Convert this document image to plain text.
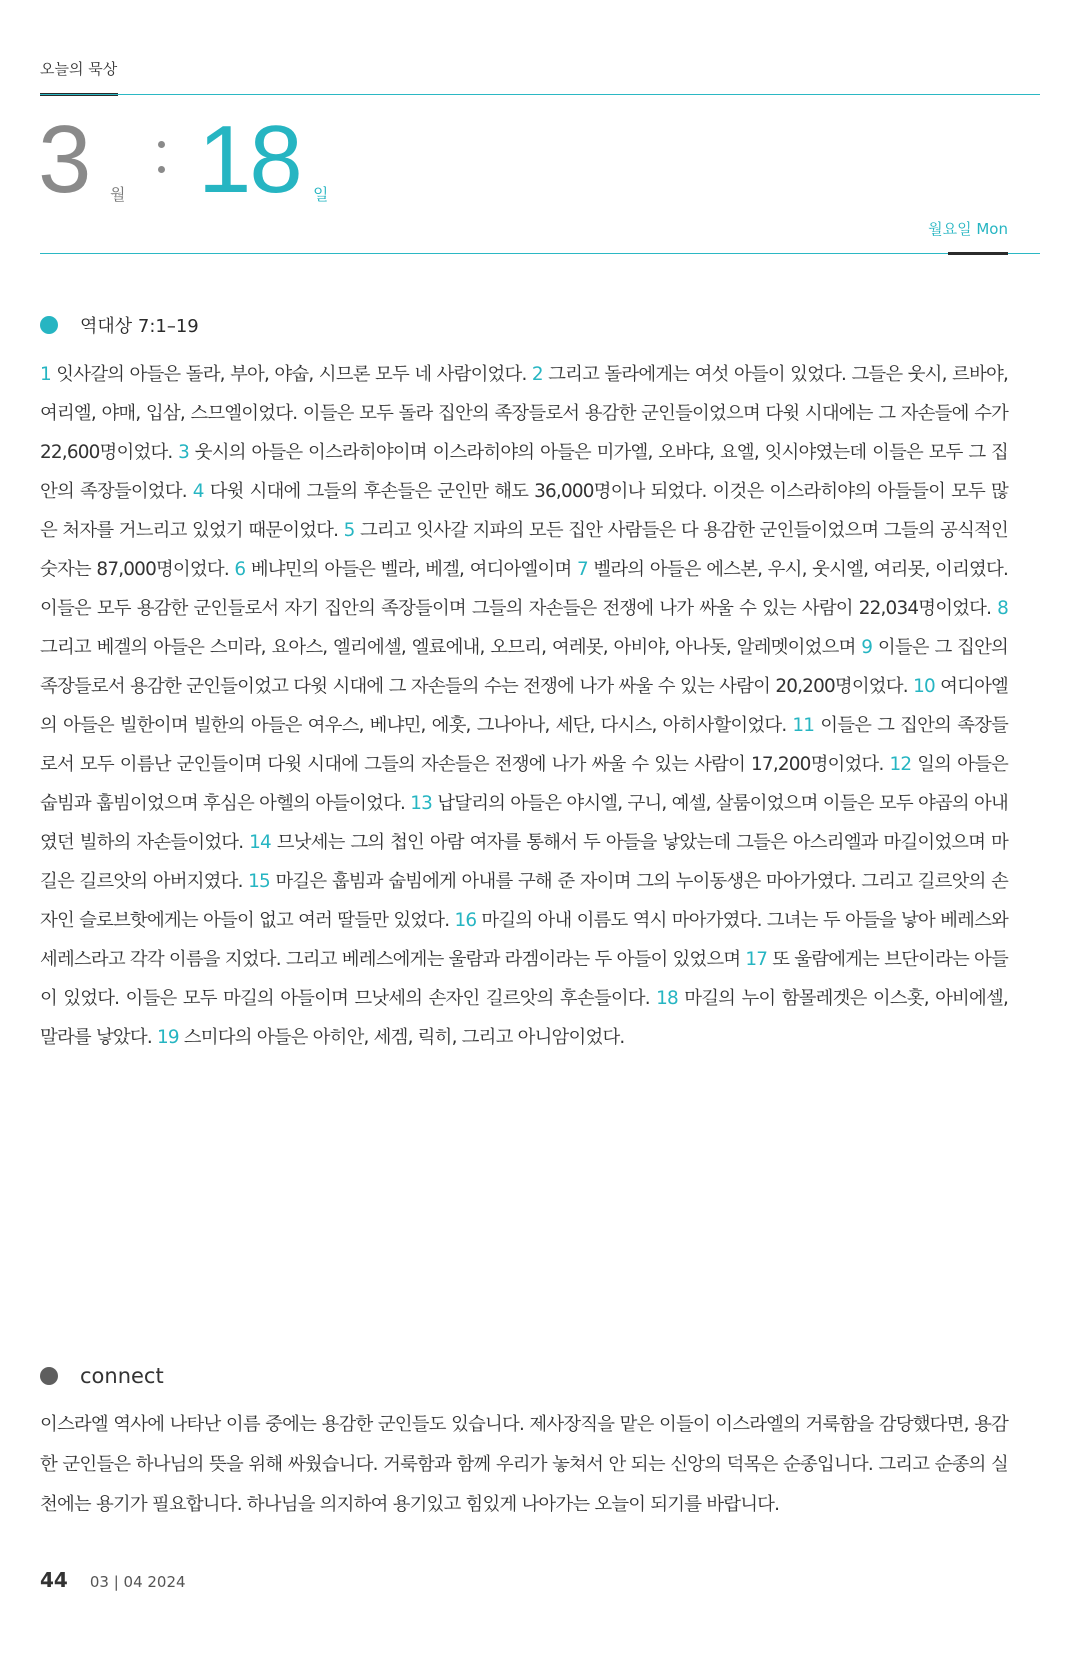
오늘의 묵상
3 월 18 일
월요일 Mon
역대상 7:1–19
1 잇사갈의 아들은 돌라, 부아, 야숩, 시므론 모두 네 사람이었다. 2 그리고 돌라에게는 여섯 아들이 있었다. 그들은 웃시, 르바야, 여리엘, 야매, 입삼, 스므엘이었다. 이들은 모두 돌라 집안의 족장들로서 용감한 군인들이었으며 다윗 시대에는 그 자손들에 수가 22,600명이었다. 3 웃시의 아들은 이스라히야이며 이스라히야의 아들은 미가엘, 오바댜, 요엘, 잇시야였는데 이들은 모두 그 집안의 족장들이었다. 4 다윗 시대에 그들의 후손들은 군인만 해도 36,000명이나 되었다. 이것은 이스라히야의 아들들이 모두 많은 처자를 거느리고 있었기 때문이었다. 5 그리고 잇사갈 지파의 모든 집안 사람들은 다 용감한 군인들이었으며 그들의 공식적인 숫자는 87,000명이었다. 6 베냐민의 아들은 벨라, 베겔, 여디아엘이며 7 벨라의 아들은 에스본, 우시, 웃시엘, 여리못, 이리였다. 이들은 모두 용감한 군인들로서 자기 집안의 족장들이며 그들의 자손들은 전쟁에 나가 싸울 수 있는 사람이 22,034명이었다. 8 그리고 베겔의 아들은 스미라, 요아스, 엘리에셀, 엘료에내, 오므리, 여레못, 아비야, 아나돗, 알레멧이었으며 9 이들은 그 집안의 족장들로서 용감한 군인들이었고 다윗 시대에 그 자손들의 수는 전쟁에 나가 싸울 수 있는 사람이 20,200명이었다. 10 여디아엘의 아들은 빌한이며 빌한의 아들은 여우스, 베냐민, 에훗, 그나아나, 세단, 다시스, 아히사할이었다. 11 이들은 그 집안의 족장들로서 모두 이름난 군인들이며 다윗 시대에 그들의 자손들은 전쟁에 나가 싸울 수 있는 사람이 17,200명이었다. 12 일의 아들은 숩빔과 훕빔이었으며 후심은 아헬의 아들이었다. 13 납달리의 아들은 야시엘, 구니, 예셀, 살룸이었으며 이들은 모두 야곱의 아내였던 빌하의 자손들이었다. 14 므낫세는 그의 첩인 아람 여자를 통해서 두 아들을 낳았는데 그들은 아스리엘과 마길이었으며 마길은 길르앗의 아버지였다. 15 마길은 훕빔과 숩빔에게 아내를 구해 준 자이며 그의 누이동생은 마아가였다. 그리고 길르앗의 손자인 슬로브핫에게는 아들이 없고 여러 딸들만 있었다. 16 마길의 아내 이름도 역시 마아가였다. 그녀는 두 아들을 낳아 베레스와 세레스라고 각각 이름을 지었다. 그리고 베레스에게는 울람과 라겜이라는 두 아들이 있었으며 17 또 울람에게는 브단이라는 아들이 있었다. 이들은 모두 마길의 아들이며 므낫세의 손자인 길르앗의 후손들이다. 18 마길의 누이 함몰레겟은 이스홋, 아비에셀, 말라를 낳았다. 19 스미다의 아들은 아히안, 세겜, 릭히, 그리고 아니암이었다.
connect
이스라엘 역사에 나타난 이름 중에는 용감한 군인들도 있습니다. 제사장직을 맡은 이들이 이스라엘의 거룩함을 감당했다면, 용감한 군인들은 하나님의 뜻을 위해 싸웠습니다. 거룩함과 함께 우리가 놓쳐서 안 되는 신앙의 덕목은 순종입니다. 그리고 순종의 실천에는 용기가 필요합니다. 하나님을 의지하여 용기있고 힘있게 나아가는 오늘이 되기를 바랍니다.
44 03 | 04 2024
